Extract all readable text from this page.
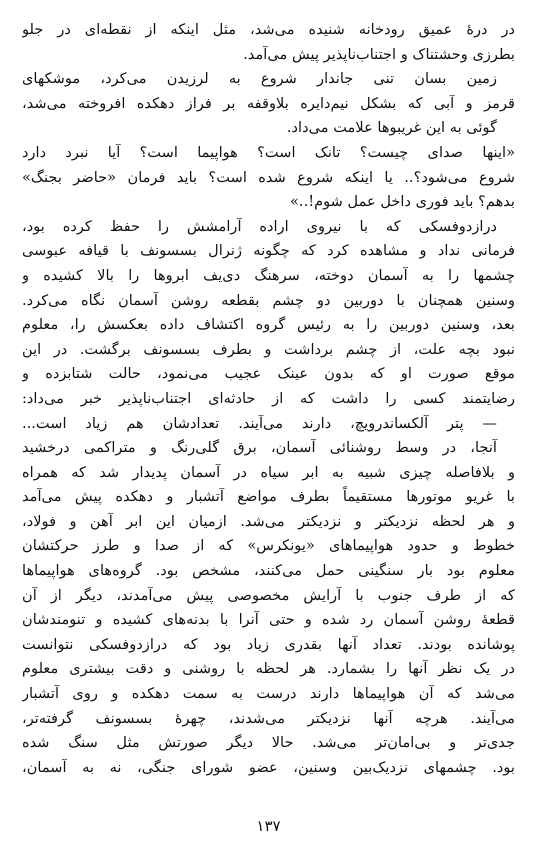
در درهٔ عمیق رودخانه شنیده می‌شد، مثل اینکه از نقطه‌ای در جلو
بطرزی وحشتناک و اجتناب‌ناپذیر پیش می‌آمد.
زمین بسان تنی جاندار شروع به لرزیدن می‌کرد، موشکهای
قرمز و آبی که بشکل نیم‌دایره بلاوقفه بر فراز دهکده افروخته می‌شد،
گوئی به این غریبوها علامت می‌داد.
«اینها صدای چیست؟ تانک است؟ هواپیما است؟ آیا نبرد دارد
شروع می‌شود؟.. یا اینکه شروع شده است؟ باید فرمان «حاضر بجنگ»
بدهم؟ باید فوری داخل عمل شوم!..»
درازدوفسکی که با نیروی اراده آرامشش را حفظ کرده بود،
فرمانی نداد و مشاهده کرد که چگونه ژنرال بسسونف با قیافه عبوسی
چشمها را به آسمان دوخته، سرهنگ دی‌یف ابروها را بالا کشیده و
وسنین همچنان با دوربین دو چشم بقطعه روشن آسمان نگاه می‌کرد.
بعد، وسنین دوربین را به رئیس گروه اکتشاف داده بعکسش را، معلوم
نبود بچه علت، از چشم برداشت و بطرف بسسونف برگشت. در این
موقع صورت او که بدون عینک عجیب می‌نمود، حالت شتابزده و
رضایتمند کسی را داشت که از حادثه‌ای اجتناب‌ناپذیر خبر می‌داد:
— پتر آلکساندرویچ، دارند می‌آیند. تعدادشان هم زیاد است...
آنجا، در وسط روشنائی آسمان، برق گلی‌رنگ و متراکمی درخشید
و بلافاصله چیزی شبیه به ابر سیاه در آسمان پدیدار شد که همراه
با غریو موتورها مستقیماً بطرف مواضع آتشبار و دهکده پیش می‌آمد
و هر لحظه نزدیکتر و نزدیکتر می‌شد. ازمیان این ابر آهن و فولاد،
خطوط و حدود هواپیماهای «یونکرس» که از صدا و طرز حرکتشان
معلوم بود بار سنگینی حمل می‌کنند، مشخص بود. گروه‌های هواپیماها
که از طرف جنوب با آرایش مخصوصی پیش می‌آمدند، دیگر از آن
قطعهٔ روشن آسمان رد شده و حتی آنرا با بدنه‌های کشیده و تنومندشان
پوشانده بودند. تعداد آنها بقدری زیاد بود که درازدوفسکی نتوانست
در یک نظر آنها را بشمارد. هر لحظه با روشنی و دقت بیشتری معلوم
می‌شد که آن هواپیماها دارند درست به سمت دهکده و روی آتشبار
می‌آیند. هرچه آنها نزدیکتر می‌شدند، چهرهٔ بسسونف گرفته‌تر،
جدی‌تر و بی‌امان‌تر می‌شد. حالا دیگر صورتش مثل سنگ شده
بود. چشمهای نزدیک‌بین وسنین، عضو شورای جنگی، نه به آسمان،
۱۳۷
